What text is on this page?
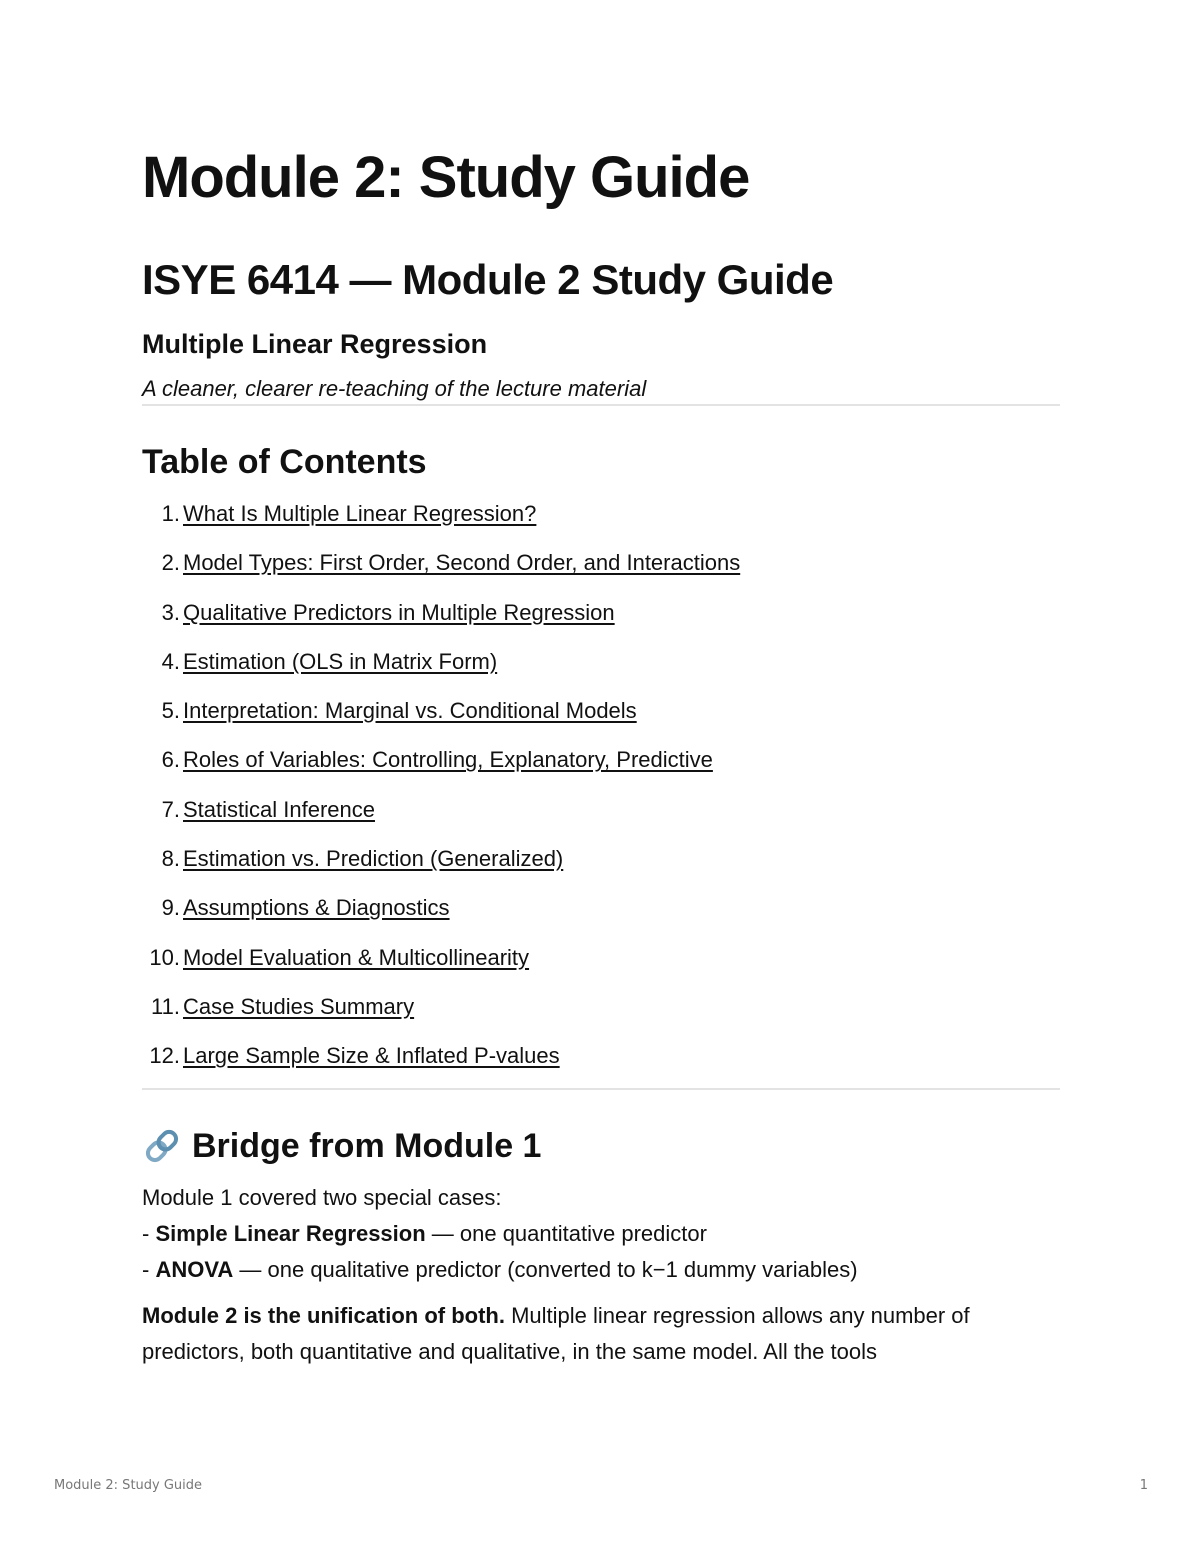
Module 2: Study Guide
ISYE 6414 — Module 2 Study Guide
Multiple Linear Regression

A cleaner, clearer re-teaching of the lecture material

Table of Contents
1. What Is Multiple Linear Regression?
2. Model Types: First Order, Second Order, and Interactions
3. Qualitative Predictors in Multiple Regression
4. Estimation (OLS in Matrix Form)
5. Interpretation: Marginal vs. Conditional Models
6. Roles of Variables: Controlling, Explanatory, Predictive
7. Statistical Inference
8. Estimation vs. Prediction (Generalized)
9. Assumptions & Diagnostics
10. Model Evaluation & Multicollinearity
11. Case Studies Summary
12. Large Sample Size & Inflated P-values
Bridge from Module 1

Module 1 covered two special cases:

- Simple Linear Regression — one quantitative predictor

- ANOVA — one qualitative predictor (converted to k−1 dummy variables)

Module 2 is the unification of both. Multiple linear regression allows any number of predictors, both quantitative and qualitative, in the same model. All the tools

Module 2: Study Guide	1
